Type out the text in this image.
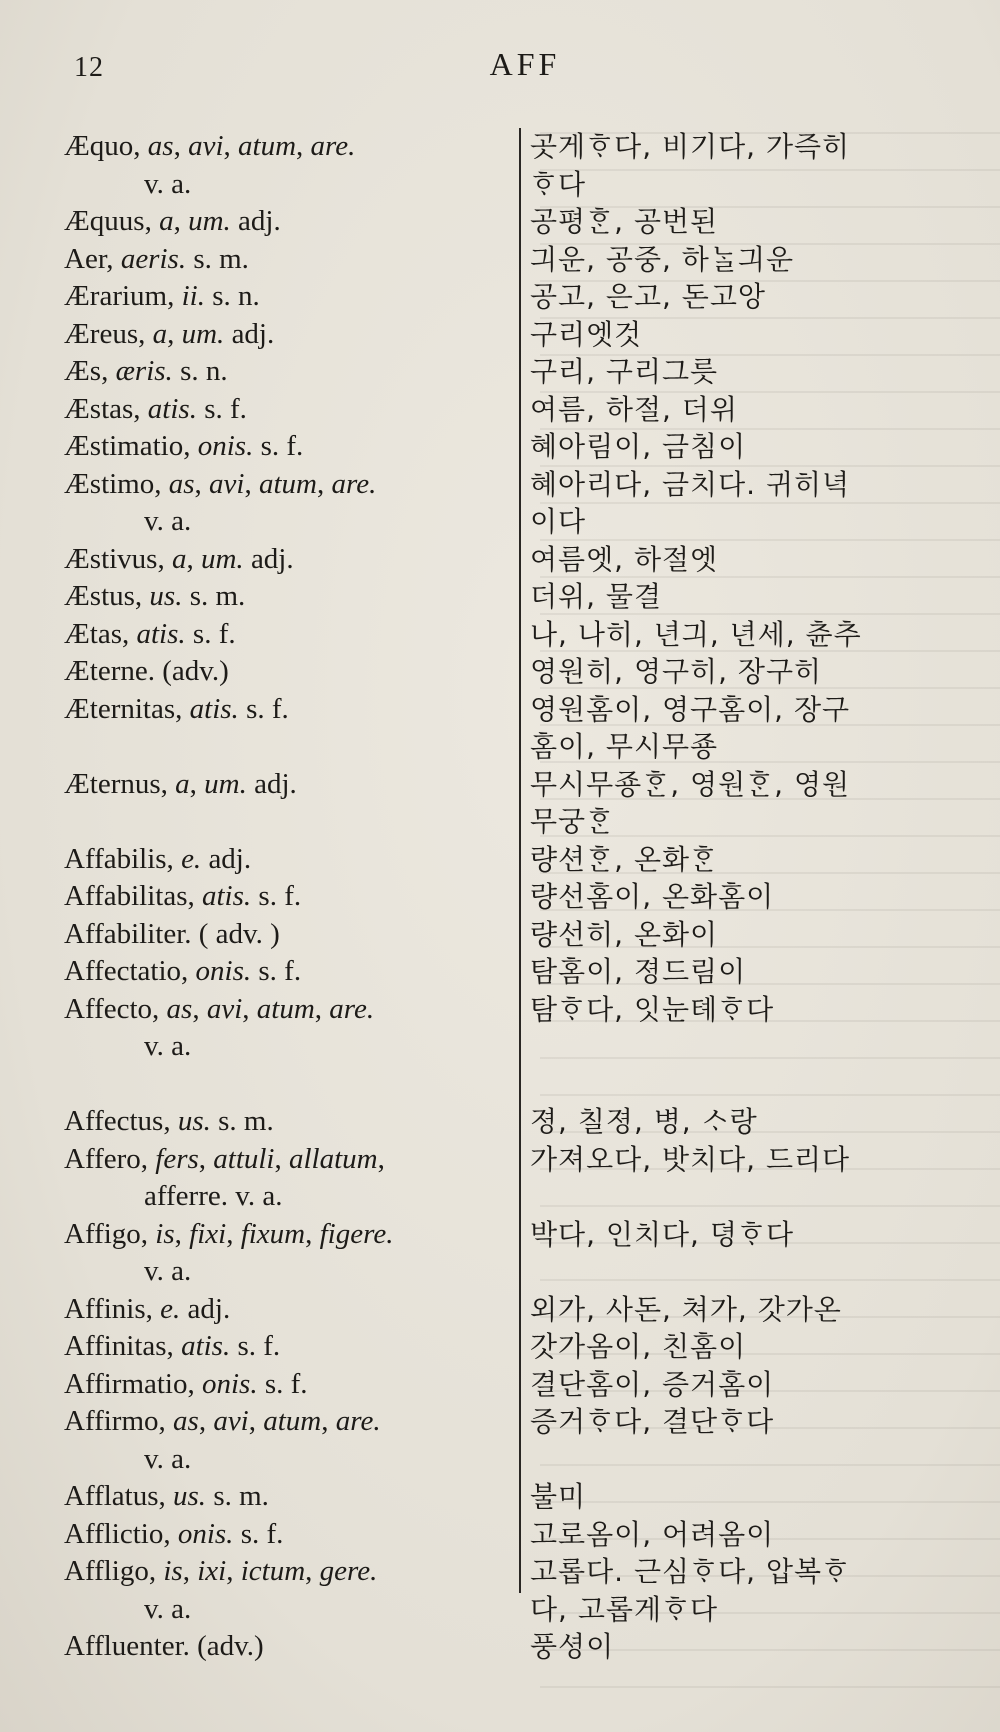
12	AFF
Æquo, as, avi, atum, are.
v. a.
Æquus, a, um. adj.
Aer, aeris. s. m.
Ærarium, ii. s. n.
Æreus, a, um. adj.
Æs, æris. s. n.
Æstas, atis. s. f.
Æstimatio, onis. s. f.
Æstimo, as, avi, atum, are.
v. a.
Æstivus, a, um. adj.
Æstus, us. s. m.
Ætas, atis. s. f.
Æterne. (adv.)
Æternitas, atis. s. f.
Æternus, a, um. adj.
Affabilis, e. adj.
Affabilitas, atis. s. f.
Affabiliter. ( adv. )
Affectatio, onis. s. f.
Affecto, as, avi, atum, are.
v. a.
Affectus, us. s. m.
Affero, fers, attuli, allatum,
afferre. v. a.
Affigo, is, fixi, fixum, figere.
v. a.
Affinis, e. adj.
Affinitas, atis. s. f.
Affirmatio, onis. s. f.
Affirmo, as, avi, atum, are.
v. a.
Afflatus, us. s. m.
Afflictio, onis. s. f.
Affligo, is, ixi, ictum, gere.
v. a.
Affluenter. (adv.)
곳게ᄒᆞ다, 비기다, 가즉히
ᄒᆞ다
공평ᄒᆞᆫ, 공번된
긔운, 공중, 하ᄂᆞᆯ긔운
공고, 은고, 돈고앙
구리엣것
구리, 구리그릇
여름, 하절, 더위
혜아림이, 금침이
혜아리다, 금치다. 귀히녁
이다
여름엣, 하절엣
더위, 물결
나, 나히, 년긔, 년세, 츈추
영원히, 영구히, 장구히
영원홈이, 영구홈이, 장구
홈이, 무시무죵
무시무죵ᄒᆞᆫ, 영원ᄒᆞᆫ, 영원
무궁ᄒᆞᆫ
량션ᄒᆞᆫ, 온화ᄒᆞᆫ
량선홈이, 온화홈이
량선히, 온화이
탐홈이, 졍드림이
탐ᄒᆞ다, 잇눈톄ᄒᆞ다
졍, 칠졍, 병, ᄉᆞ랑
가져오다, 밧치다, 드리다
박다, 인치다, 뎡ᄒᆞ다
외가, 사돈, 쳐가, 갓가온
갓가옴이, 친홈이
결단홈이, 증거홈이
증거ᄒᆞ다, 결단ᄒᆞ다
불미
고로옴이, 어려옴이
고롭다. 근심ᄒᆞ다, 압복ᄒᆞ
다, 고롭게ᄒᆞ다
풍셩이
